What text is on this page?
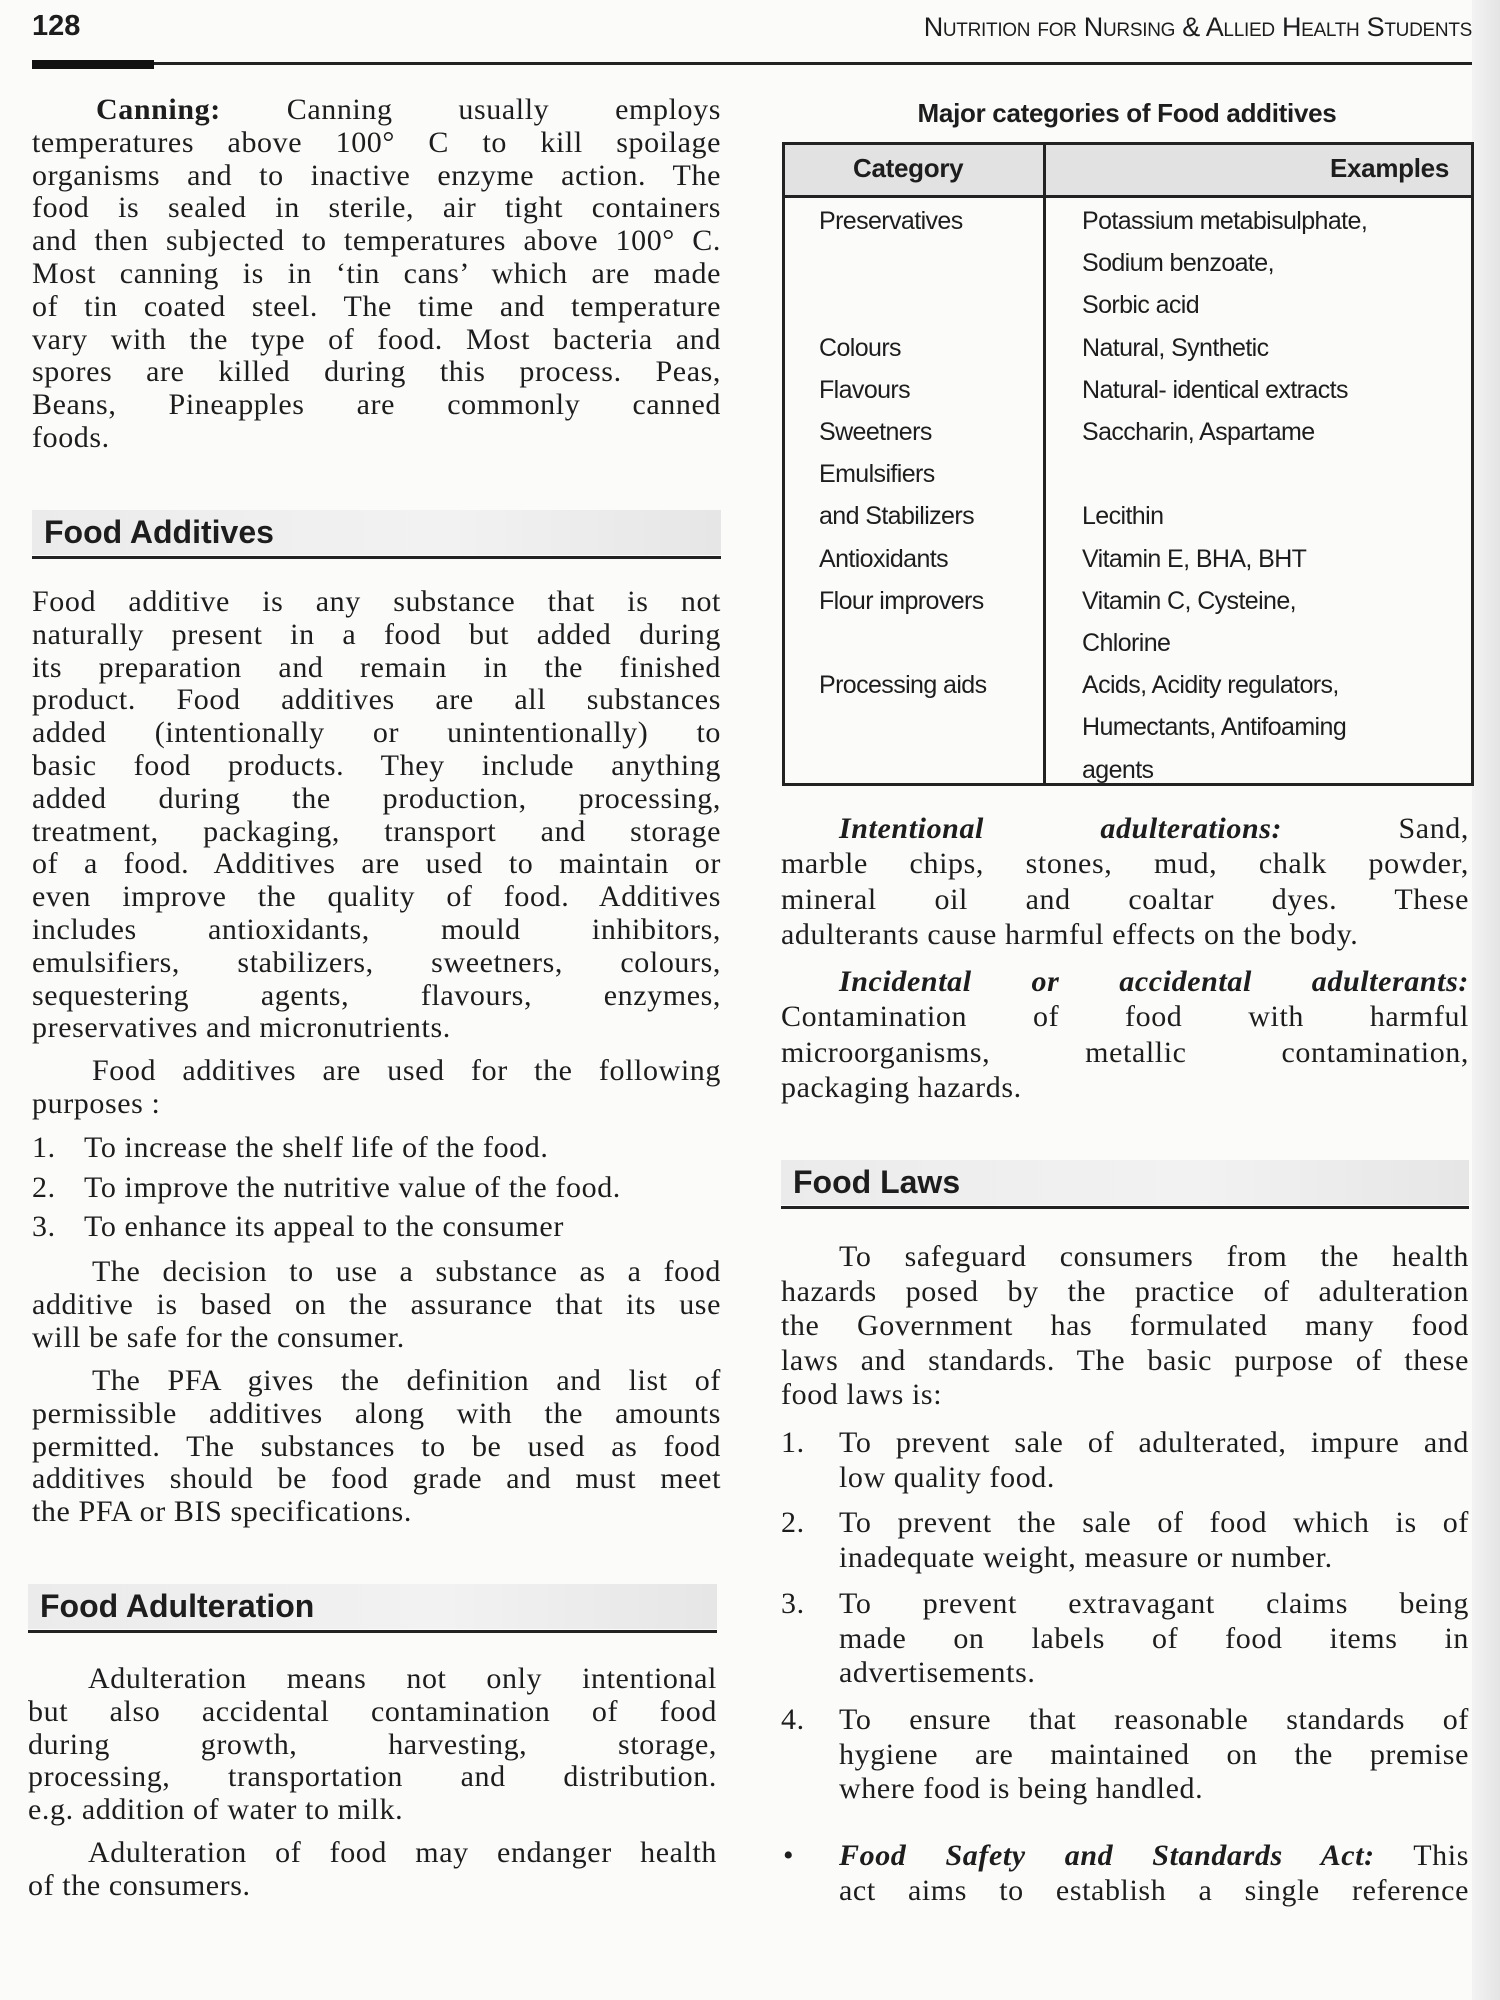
128	Nutrition for Nursing & Allied Health Students
Canning: Canning usually employs
temperatures above 100° C to kill spoilage
organisms and to inactive enzyme action. The
food is sealed in sterile, air tight containers
and then subjected to temperatures above 100° C.
Most canning is in ‘tin cans’ which are made
of tin coated steel. The time and temperature
vary with the type of food. Most bacteria and
spores are killed during this process. Peas,
Beans, Pineapples are commonly canned
foods.
Food Additives
Food additive is any substance that is not
naturally present in a food but added during
its preparation and remain in the finished
product. Food additives are all substances
added (intentionally or unintentionally) to
basic food products. They include anything
added during the production, processing,
treatment, packaging, transport and storage
of a food. Additives are used to maintain or
even improve the quality of food. Additives
includes antioxidants, mould inhibitors,
emulsifiers, stabilizers, sweetners, colours,
sequestering agents, flavours, enzymes,
preservatives and micronutrients.
Food additives are used for the following
purposes :
1. To increase the shelf life of the food.
2. To improve the nutritive value of the food.
3. To enhance its appeal to the consumer
The decision to use a substance as a food
additive is based on the assurance that its use
will be safe for the consumer.
The PFA gives the definition and list of
permissible additives along with the amounts
permitted. The substances to be used as food
additives should be food grade and must meet
the PFA or BIS specifications.
Food Adulteration
Adulteration means not only intentional
but also accidental contamination of food
during growth, harvesting, storage,
processing, transportation and distribution.
e.g. addition of water to milk.
Adulteration of food may endanger health
of the consumers.
Intentional adulterations: Sand,
marble chips, stones, mud, chalk powder,
mineral oil and coaltar dyes. These
adulterants cause harmful effects on the body.
Incidental or accidental adulterants:
Contamination of food with harmful
microorganisms, metallic contamination,
packaging hazards.
Food Laws
To safeguard consumers from the health
hazards posed by the practice of adulteration
the Government has formulated many food
laws and standards. The basic purpose of these
food laws is:
1. To prevent sale of adulterated, impure and
low quality food.
2. To prevent the sale of food which is of
inadequate weight, measure or number.
3. To prevent extravagant claims being
made on labels of food items in
advertisements.
4. To ensure that reasonable standards of
hygiene are maintained on the premise
where food is being handled.
• Food Safety and Standards Act: This
act aims to establish a single reference
Major categories of Food additives
Category	Examples
Preservatives	Potassium metabisulphate,
Sodium benzoate,
Sorbic acid
Colours	Natural, Synthetic
Flavours	Natural- identical extracts
Sweetners	Saccharin, Aspartame
Emulsifiers
and Stabilizers	Lecithin
Antioxidants	Vitamin E, BHA, BHT
Flour improvers	Vitamin C, Cysteine,
Chlorine
Processing aids	Acids, Acidity regulators,
Humectants, Antifoaming
agents
